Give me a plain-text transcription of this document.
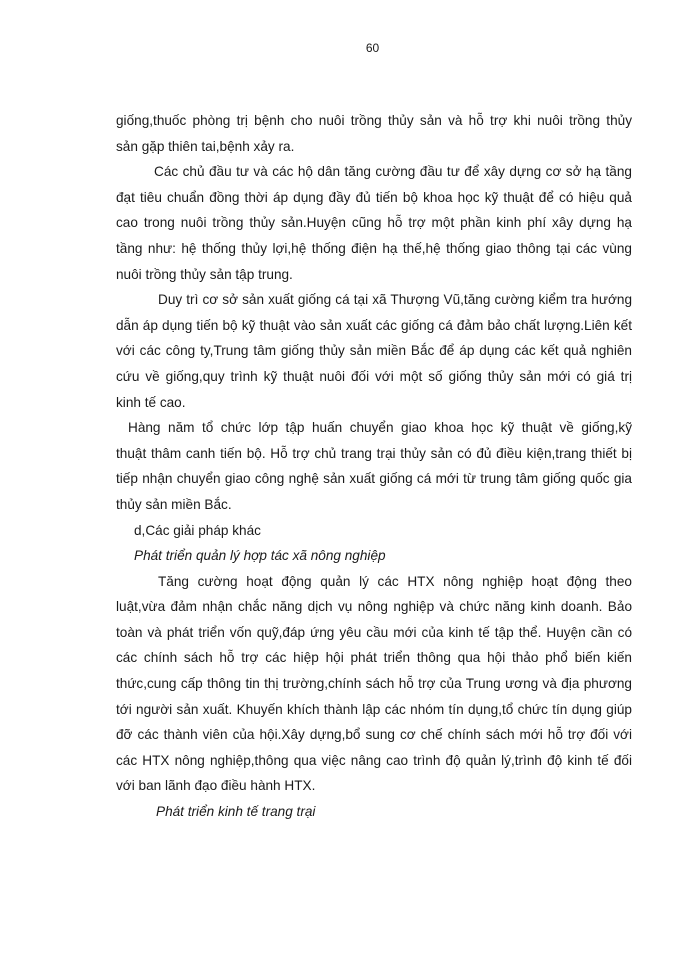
60
giống,thuốc phòng trị bệnh cho nuôi trồng thủy sản và hỗ trợ khi nuôi trồng thủy
sản gặp thiên tai,bệnh xảy ra.
Các chủ đầu tư và các hộ dân tăng cường đầu tư để xây dựng cơ sở hạ tầng
đạt tiêu chuẩn đồng thời áp dụng đầy đủ tiến bộ khoa học kỹ thuật để có hiệu quả
cao trong nuôi trồng thủy sản.Huyện cũng hỗ trợ một phần kinh phí xây dựng hạ
tầng như: hệ thống thủy lợi,hệ thống điện hạ thế,hệ thống giao thông tại các vùng
nuôi trồng thủy sản tập trung.
Duy trì cơ sở sản xuất giống cá tại xã Thượng Vũ,tăng cường kiểm tra hướng
dẫn áp dụng tiến bộ kỹ thuật vào sản xuất các giống cá đảm bảo chất lượng.Liên kết
với các công ty,Trung tâm giống thủy sản miền Bắc để áp dụng các kết quả nghiên
cứu về giống,quy trình kỹ thuật nuôi đối với một số giống thủy sản mới có giá trị
kinh tế cao.
Hàng năm tổ chức lớp tập huấn chuyển giao khoa học kỹ thuật về giống,kỹ
thuật thâm canh tiến bộ. Hỗ trợ chủ trang trại thủy sản có đủ điều kiện,trang thiết bị
tiếp nhận chuyển giao công nghệ sản xuất giống cá mới từ trung tâm giống quốc gia
thủy sản miền Bắc.
d,Các giải pháp khác
Phát triển quản lý hợp tác xã nông nghiệp
Tăng cường hoạt động quản lý các HTX nông nghiệp hoạt động theo
luật,vừa đảm nhận chắc năng dịch vụ nông nghiệp và chức năng kinh doanh. Bảo
toàn và phát triển vốn quỹ,đáp ứng yêu cầu mới của kinh tế tập thể. Huyện cần có
các chính sách hỗ trợ các hiệp hội phát triển thông qua hội thảo phổ biến kiến
thức,cung cấp thông tin thị trường,chính sách hỗ trợ của Trung ương và địa phương
tới người sản xuất. Khuyến khích thành lập các nhóm tín dụng,tổ chức tín dụng giúp
đỡ các thành viên của hội.Xây dựng,bổ sung cơ chế chính sách mới hỗ trợ đối với
các HTX nông nghiệp,thông qua việc nâng cao trình độ quản lý,trình độ kinh tế đối
với ban lãnh đạo điều hành HTX.
Phát triển kinh tế trang trại
